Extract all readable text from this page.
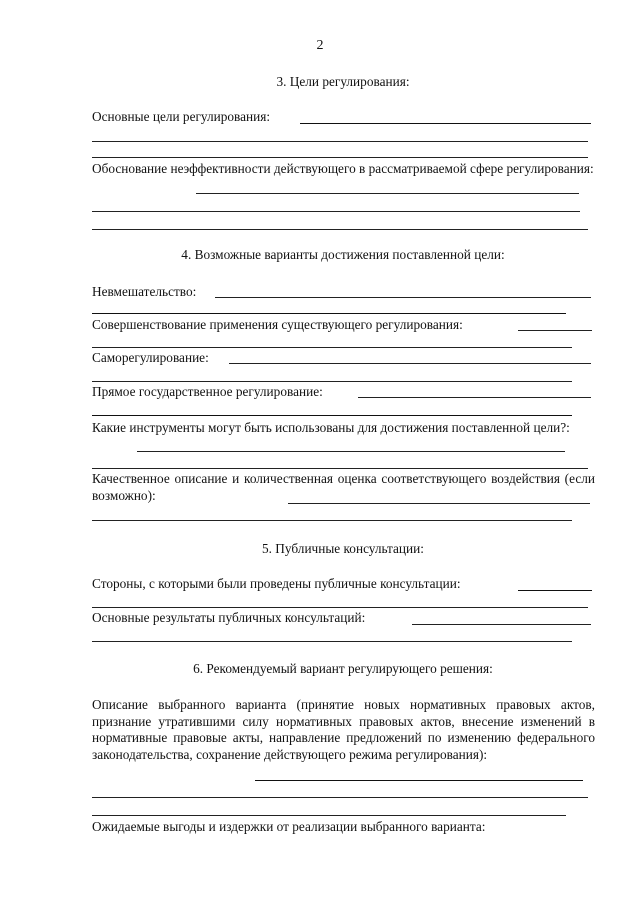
2
3. Цели регулирования:
Основные цели регулирования:
Обоснование неэффективности действующего в рассматриваемой сфере регулирования:
4. Возможные варианты достижения поставленной цели:
Невмешательство:
Совершенствование применения существующего регулирования:
Саморегулирование:
Прямое государственное регулирование:
Какие инструменты могут быть использованы для достижения поставленной цели?:
Качественное описание и количественная оценка соответствующего воздействия (если возможно):
5. Публичные консультации:
Стороны, с которыми были проведены публичные консультации:
Основные результаты публичных консультаций:
6. Рекомендуемый вариант регулирующего решения:
Описание выбранного варианта (принятие новых нормативных правовых актов, признание утратившими силу нормативных правовых актов, внесение изменений в нормативные правовые акты, направление предложений по изменению федерального законодательства, сохранение действующего режима регулирования):
Ожидаемые выгоды и издержки от реализации выбранного варианта:
